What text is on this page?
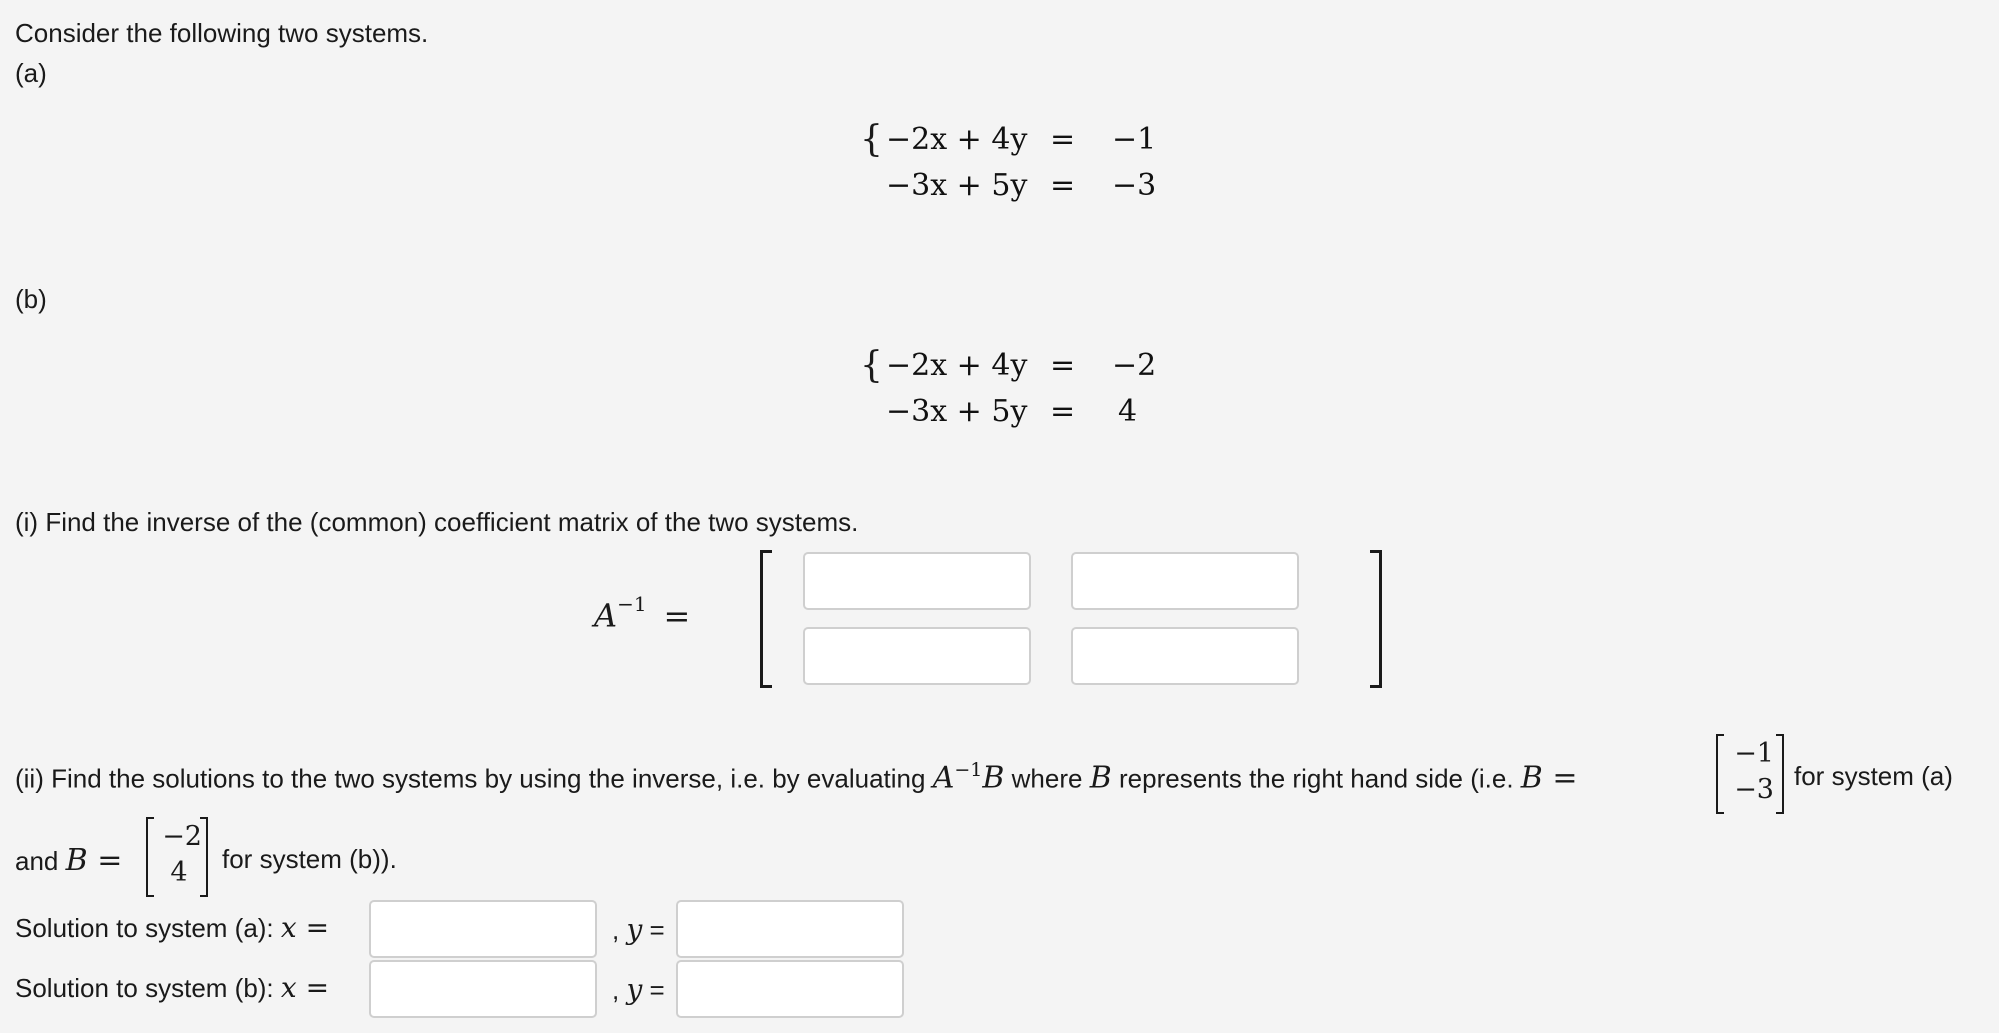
Consider the following two systems.
(a)
{ −2x + 4y = −1
−3x + 5y = −3
(b)
{ −2x + 4y = −2
−3x + 5y = 4
(i) Find the inverse of the (common) coefficient matrix of the two systems.
$A^{-1}$ =
(ii) Find the solutions to the two systems by using the inverse, i.e. by evaluating $A^{-1}B$ where B represents the right hand side (i.e. B =
−1
−3 for system (a)
and B =
−2
4	for system (b)).
Solution to system (a): x =	, y =
Solution to system (b): x =	, y =
